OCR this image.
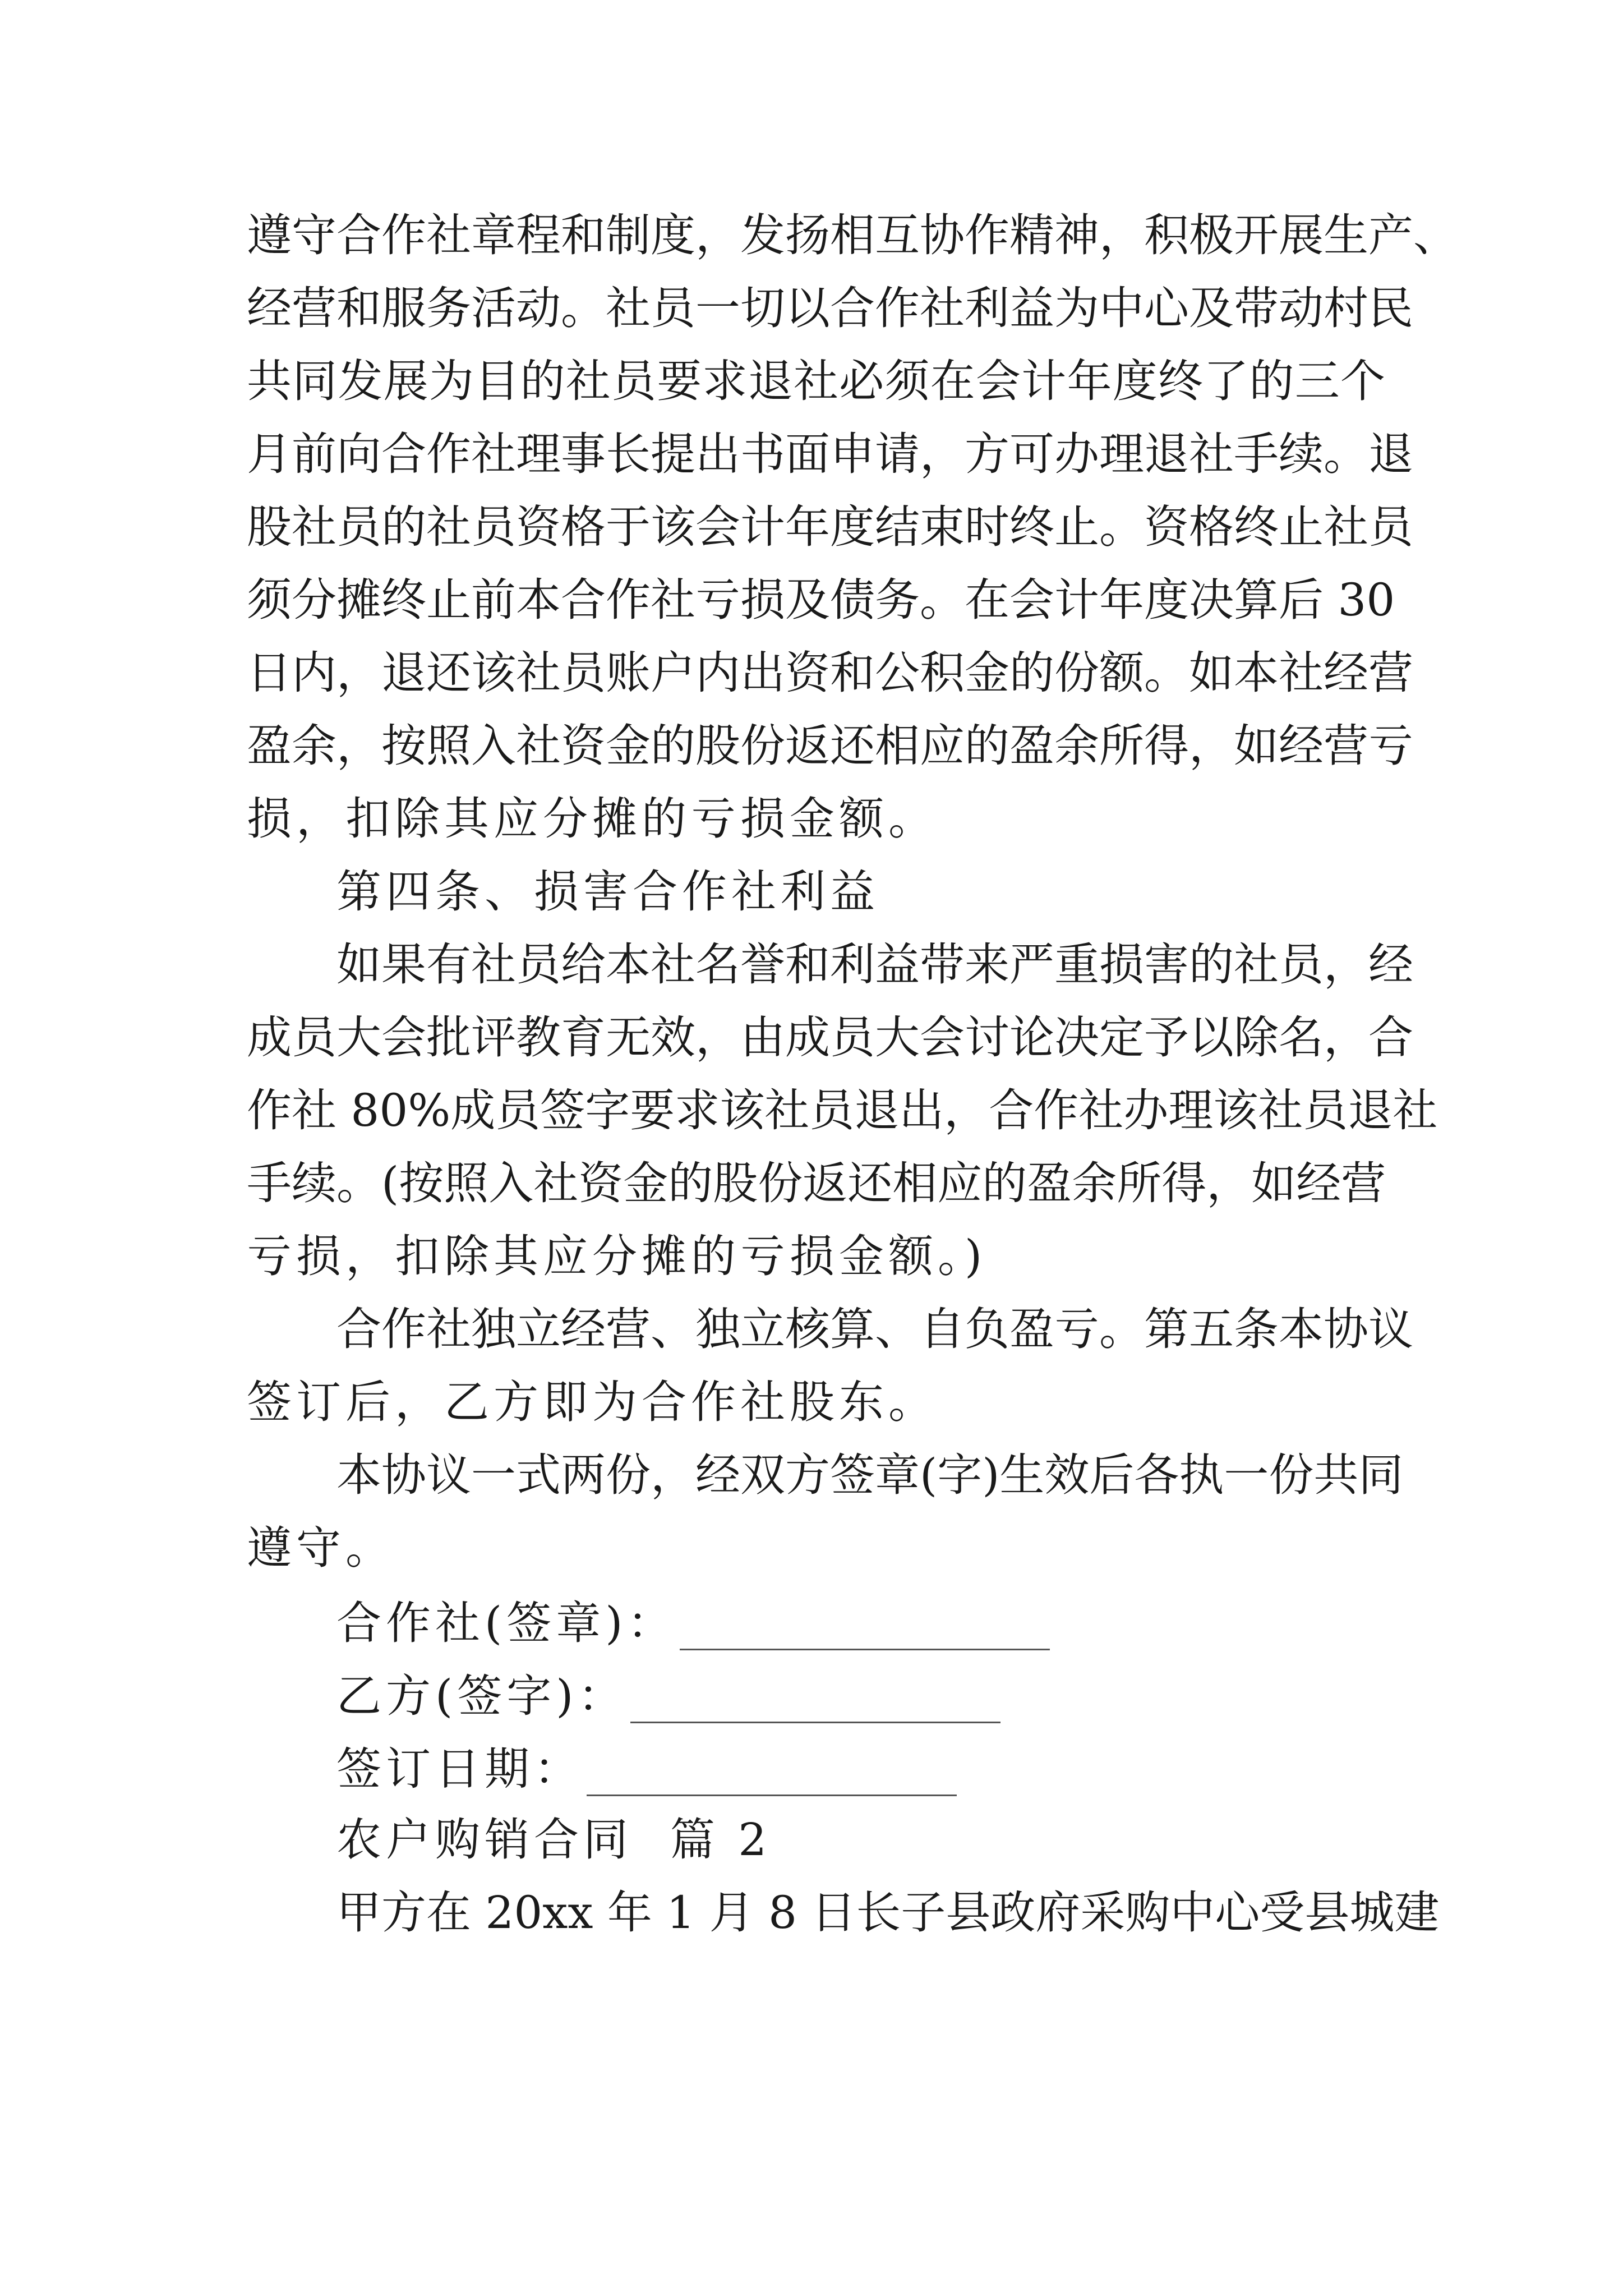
遵守合作社章程和制度，发扬相互协作精神，积极开展生产、
经营和服务活动。社员一切以合作社利益为中心及带动村民
共同发展为目的社员要求退社必须在会计年度终了的三个
月前向合作社理事长提出书面申请，方可办理退社手续。退
股社员的社员资格于该会计年度结束时终止。资格终止社员
须分摊终止前本合作社亏损及债务。在会计年度决算后 30
日内，退还该社员账户内出资和公积金的份额。如本社经营
盈余，按照入社资金的股份返还相应的盈余所得，如经营亏
损，扣除其应分摊的亏损金额。
第四条、损害合作社利益
如果有社员给本社名誉和利益带来严重损害的社员，经
成员大会批评教育无效，由成员大会讨论决定予以除名，合
作社 80%成员签字要求该社员退出，合作社办理该社员退社
手续。(按照入社资金的股份返还相应的盈余所得，如经营
亏损，扣除其应分摊的亏损金额。)
合作社独立经营、独立核算、自负盈亏。第五条本协议
签订后，乙方即为合作社股东。
本协议一式两份，经双方签章(字)生效后各执一份共同
遵守。
合作社(签章)：
乙方(签字)：
签订日期：
农户购销合同  篇 2
甲方在 20xx 年 1 月 8 日长子县政府采购中心受县城建
